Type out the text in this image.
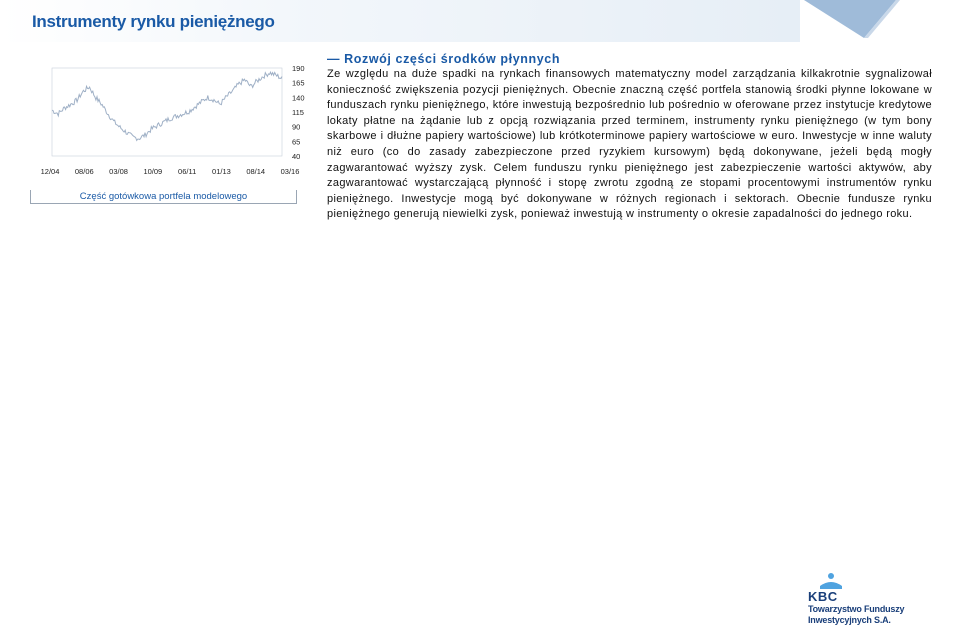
Instrumenty rynku pieniężnego
190
165
140
115
90
65
40
12/04 08/06 03/08 10/09 06/11 01/13 08/14 03/16
Część gotówkowa portfela modelowego
— Rozwój części środków płynnych
Ze względu na duże spadki na rynkach finansowych matematyczny model zarządzania kilkakrotnie sygnalizował konieczność zwiększenia pozycji pieniężnych. Obecnie znaczną część portfela stanowią środki płynne lokowane w funduszach rynku pieniężnego, które inwestują bezpośrednio lub pośrednio w oferowane przez instytucje kredytowe lokaty płatne na żądanie lub z opcją rozwiązania przed terminem, instrumenty rynku pieniężnego (w tym bony skarbowe i dłużne papiery wartościowe) lub krótkoterminowe papiery wartościowe w euro. Inwestycje w inne waluty niż euro (co do zasady zabezpieczone przed ryzykiem kursowym) będą dokonywane, jeżeli będą mogły zagwarantować wyższy zysk. Celem funduszu rynku pieniężnego jest zabezpieczenie wartości aktywów, aby zagwarantować wystarczającą płynność i stopę zwrotu zgodną ze stopami procentowymi instrumentów rynku pieniężnego. Inwestycje mogą być dokonywane w różnych regionach i sektorach. Obecnie fundusze rynku pieniężnego generują niewielki zysk, ponieważ inwestują w instrumenty o okresie zapadalności do jednego roku.
KBC
Towarzystwo Funduszy
Inwestycyjnych S.A.
